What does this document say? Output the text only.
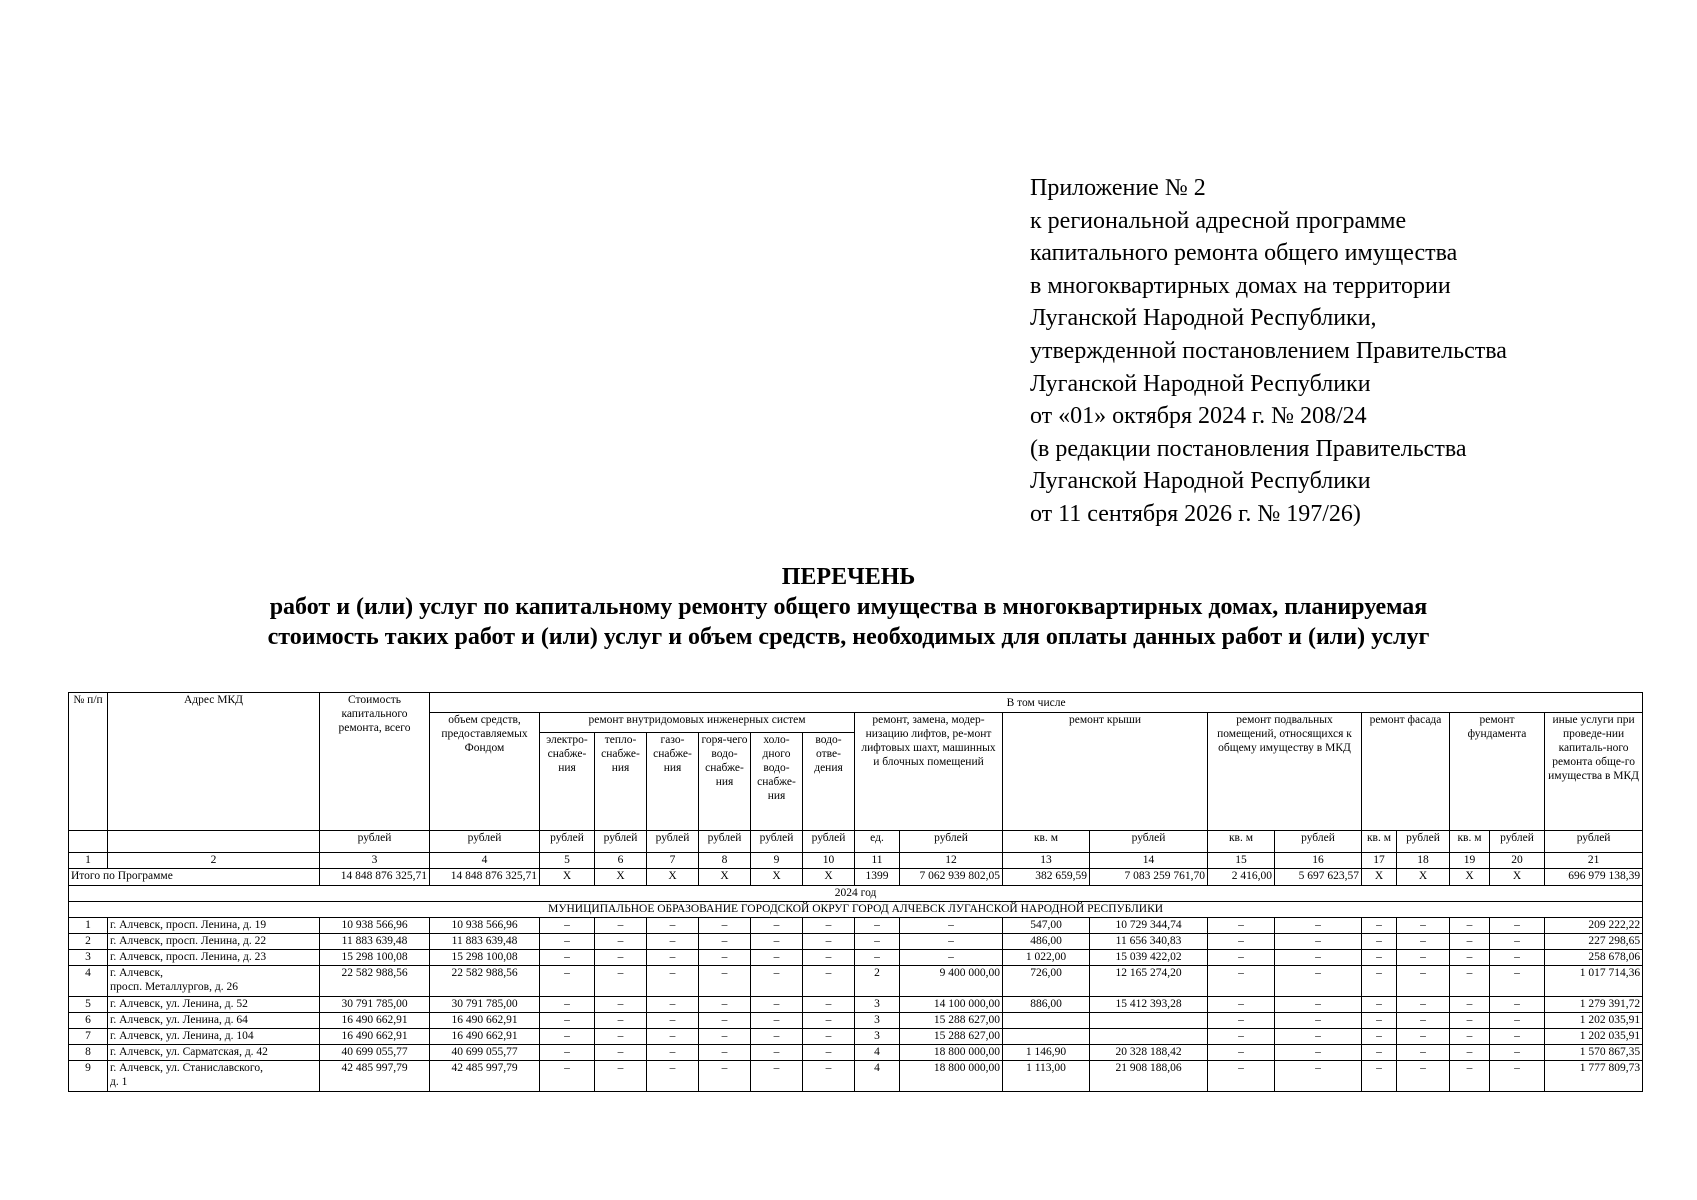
Приложение № 2
к региональной адресной программе
капитального ремонта общего имущества
в многоквартирных домах на территории
Луганской Народной Республики,
утвержденной постановлением Правительства
Луганской Народной Республики
от «01» октября 2024 г. № 208/24
(в редакции постановления Правительства
Луганской Народной Республики
от 11 сентября 2026 г. № 197/26)
ПЕРЕЧЕНЬ
работ и (или) услуг по капитальному ремонту общего имущества в многоквартирных домах, планируемая
стоимость таких работ и (или) услуг и объем средств, необходимых для оплаты данных работ и (или) услуг
№ п/п	Адрес МКД	Стоимость капитального ремонта, всего	В том числе																	
			объем средств, предоставляемых Фондом	ремонт внутридомовых инженерных систем						ремонт, замена, модер-низацию лифтов, ре-монт лифтовых шахт, машинных и блочных помещений		ремонт крыши		ремонт подвальных помещений, относящихся к общему имуществу в МКД		ремонт фасада		ремонт фундамента		иные услуги при проведе-нии капиталь-ного ремонта обще-го имущества в МКД
				электро-снабже-ния	тепло-снабже-ния	газо-снабже-ния	горя-чего водо-снабже-ния	холо-дного водо-снабже-ния	водо-отве-дения											
		рублей	рублей	рублей	рублей	рублей	рублей	рублей	рублей	ед.	рублей	кв. м	рублей	кв. м	рублей	кв. м	рублей	кв. м	рублей	рублей
1	2	3	4	5	6	7	8	9	10	11	12	13	14	15	16	17	18	19	20	21
Итого по Программе		14 848 876 325,71	14 848 876 325,71	X	X	X	X	X	X	1399	7 062 939 802,05	382 659,59	7 083 259 761,70	2 416,00	5 697 623,57	X	X	X	X	696 979 138,39
2024 год																				
МУНИЦИПАЛЬНОЕ ОБРАЗОВАНИЕ ГОРОДСКОЙ ОКРУГ ГОРОД АЛЧЕВСК ЛУГАНСКОЙ НАРОДНОЙ РЕСПУБЛИКИ																				
1	г. Алчевск, просп. Ленина, д. 19	10 938 566,96	10 938 566,96	–	–	–	–	–	–	–	–	547,00	10 729 344,74	–	–	–	–	–	–	209 222,22
2	г. Алчевск, просп. Ленина, д. 22	11 883 639,48	11 883 639,48	–	–	–	–	–	–	–	–	486,00	11 656 340,83	–	–	–	–	–	–	227 298,65
3	г. Алчевск, просп. Ленина, д. 23	15 298 100,08	15 298 100,08	–	–	–	–	–	–	–	–	1 022,00	15 039 422,02	–	–	–	–	–	–	258 678,06
4	г. Алчевск,
просп. Металлургов, д. 26	22 582 988,56	22 582 988,56	–	–	–	–	–	–	2	9 400 000,00	726,00	12 165 274,20	–	–	–	–	–	–	1 017 714,36
5	г. Алчевск, ул. Ленина, д. 52	30 791 785,00	30 791 785,00	–	–	–	–	–	–	3	14 100 000,00	886,00	15 412 393,28	–	–	–	–	–	–	1 279 391,72
6	г. Алчевск, ул. Ленина, д. 64	16 490 662,91	16 490 662,91	–	–	–	–	–	–	3	15 288 627,00			–	–	–	–	–	–	1 202 035,91
7	г. Алчевск, ул. Ленина, д. 104	16 490 662,91	16 490 662,91	–	–	–	–	–	–	3	15 288 627,00			–	–	–	–	–	–	1 202 035,91
8	г. Алчевск, ул. Сарматская, д. 42	40 699 055,77	40 699 055,77	–	–	–	–	–	–	4	18 800 000,00	1 146,90	20 328 188,42	–	–	–	–	–	–	1 570 867,35
9	г. Алчевск, ул. Станиславского,
д. 1	42 485 997,79	42 485 997,79	–	–	–	–	–	–	4	18 800 000,00	1 113,00	21 908 188,06	–	–	–	–	–	–	1 777 809,73
